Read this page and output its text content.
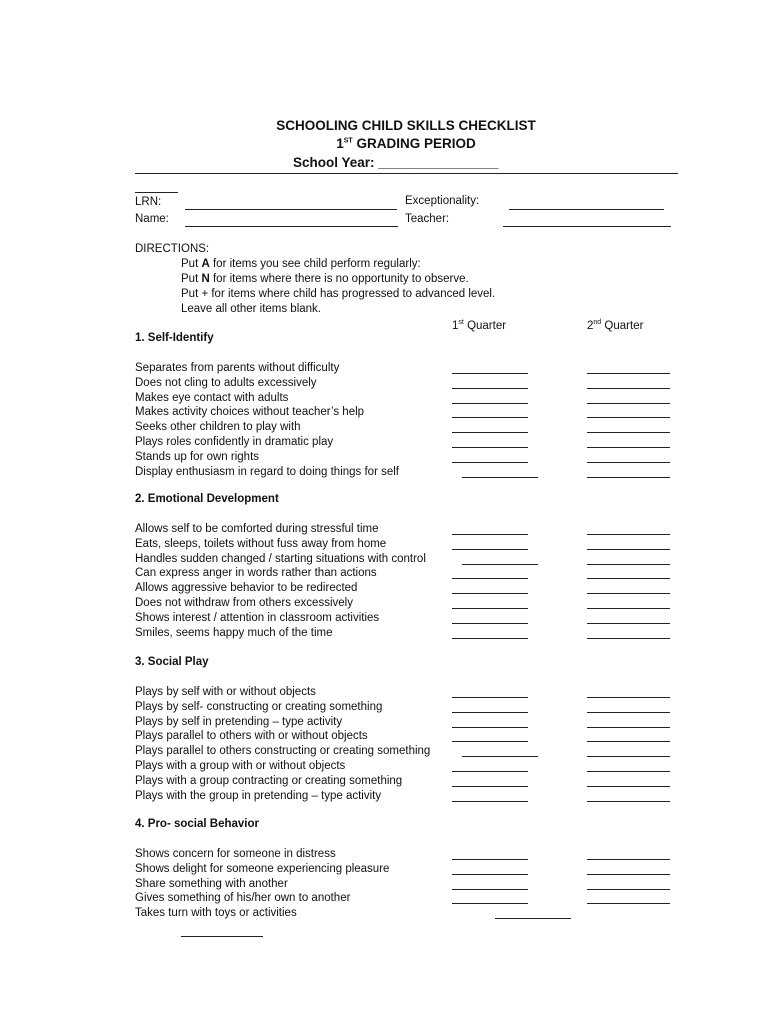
SCHOOLING CHILD SKILLS CHECKLIST
1ST GRADING PERIOD
School Year: ________________
LRN:
Name:
Exceptionality:
Teacher:
DIRECTIONS:
Put A for items you see child perform regularly:
Put N for items where there is no opportunity to observe.
Put + for items where child has progressed to advanced level.
Leave all other items blank.
1st Quarter	2nd Quarter
1. Self-Identify
Separates from parents without difficulty
Does not cling to adults excessively
Makes eye contact with adults
Makes activity choices without teacher’s help
Seeks other children to play with
Plays roles confidently in dramatic play
Stands up for own rights
Display enthusiasm in regard to doing things for self
2. Emotional Development
Allows self to be comforted during stressful time
Eats, sleeps, toilets without fuss away from home
Handles sudden changed / starting situations with control
Can express anger in words rather than actions
Allows aggressive behavior to be redirected
Does not withdraw from others excessively
Shows interest / attention in classroom activities
Smiles, seems happy much of the time
3. Social Play
Plays by self with or without objects
Plays by self- constructing or creating something
Plays by self in pretending – type activity
Plays parallel to others with or without objects
Plays parallel to others constructing or creating something
Plays with a group with or without objects
Plays with a group contracting or creating something
Plays with the group in pretending – type activity
4. Pro- social Behavior
Shows concern for someone in distress
Shows delight for someone experiencing pleasure
Share something with another
Gives something of his/her own to another
Takes turn with toys or activities
